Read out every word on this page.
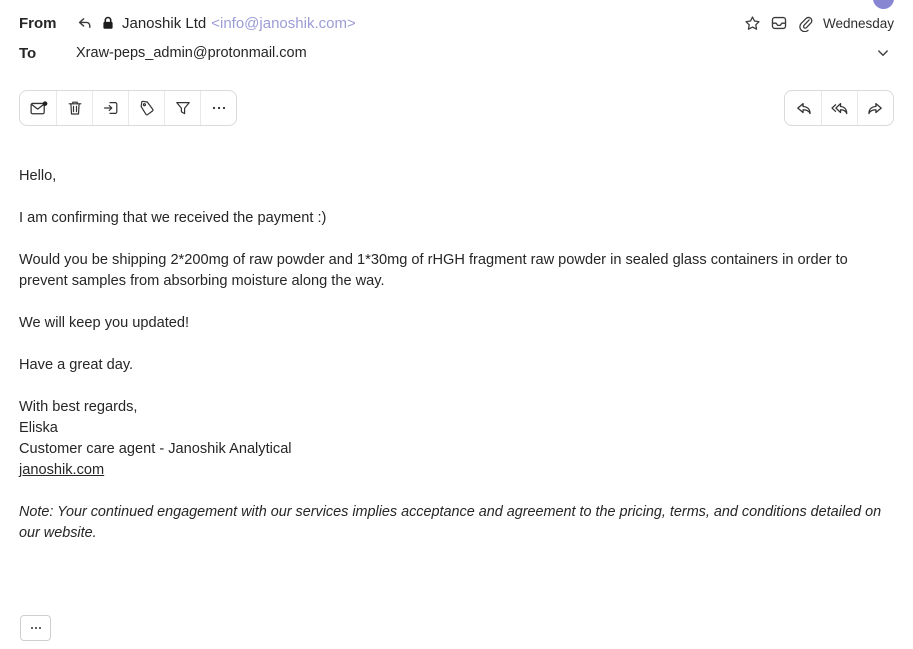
From	Janoshik Ltd <info@janoshik.com>	Wednesday
To	Xraw-peps_admin@protonmail.com

Hello,

I am confirming that we received the payment :)

Would you be shipping 2*200mg of raw powder and 1*30mg of rHGH fragment raw powder in sealed glass containers in order to prevent samples from absorbing moisture along the way.

We will keep you updated!

Have a great day.

With best regards,
Eliska
Customer care agent - Janoshik Analytical
janoshik.com
Note: Your continued engagement with our services implies acceptance and agreement to the pricing, terms, and conditions detailed on our website.
